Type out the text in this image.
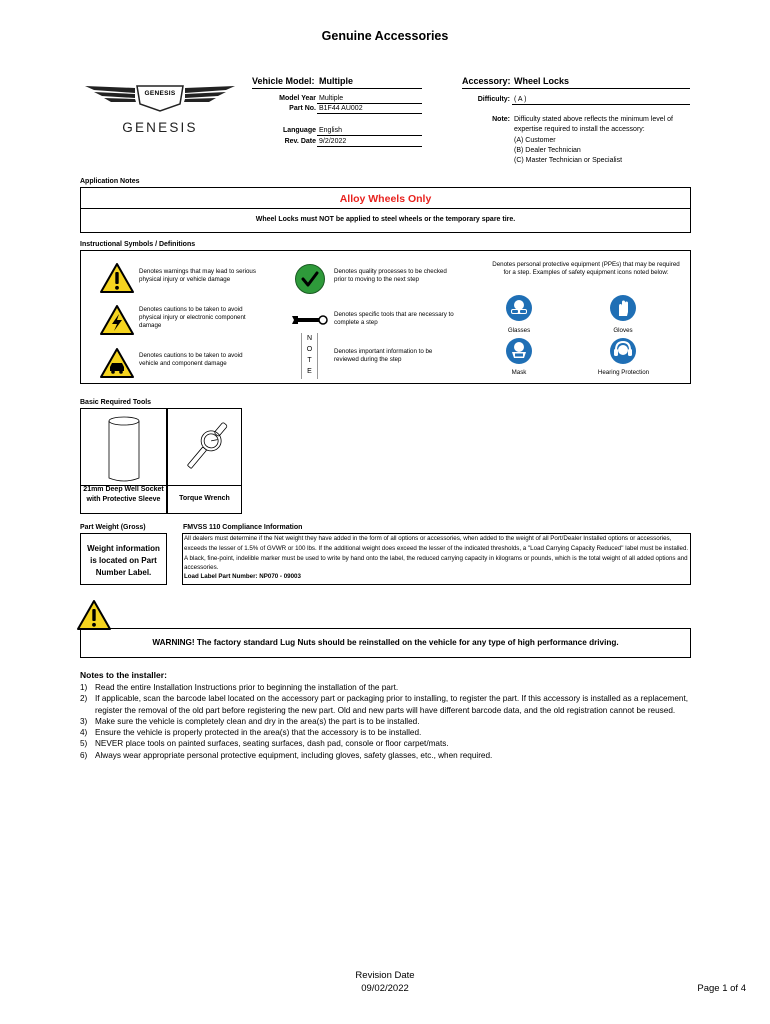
Genuine Accessories
GENESIS
GENESIS
Vehicle Model: Multiple	Accessory: Wheel Locks
Model Year Multiple
Part No. B1F44 AU002
Language English
Rev. Date 9/2/2022
Difficulty: ( A )
Note: Difficulty stated above reflects the minimum level of
expertise required to install the accessory:
(A) Customer
(B) Dealer Technician
(C) Master Technician or Specialist
Application Notes
Alloy Wheels Only
Wheel Locks must NOT be applied to steel wheels or the temporary spare tire.
Instructional Symbols / Definitions
Denotes warnings that may lead to serious physical injury or vehicle damage
Denotes cautions to be taken to avoid physical injury or electronic component damage
Denotes cautions to be taken to avoid vehicle and component damage
Denotes quality processes to be checked prior to moving to the next step
Denotes specific tools that are necessary to complete a step
N
O
T
E
Denotes important information to be reviewed during the step
Denotes personal protective equipment (PPEs) that may be required for a step. Examples of safety equipment icons noted below:
Glasses	Gloves
Mask	Hearing Protection
Basic Required Tools
21mm Deep Well Socket with Protective Sleeve	Torque Wrench
Part Weight (Gross)
Weight information is located on Part Number Label.
FMVSS 110 Compliance Information
All dealers must determine if the Net weight they have added in the form of all options or accessories, when added to the weight of all Port/Dealer Installed options or accessories, exceeds the lesser of 1.5% of GVWR or 100 lbs. If the additional weight does exceed the lesser of the indicated thresholds, a "Load Carrying Capacity Reduced" label must be installed. A black, fine-point, indelible marker must be used to write by hand onto the label, the reduced carrying capacity in kilograms or pounds, which is the total weight of all added options and accessories.
Load Label Part Number: NP070 - 09003
WARNING! The factory standard Lug Nuts should be reinstalled on the vehicle for any type of high performance driving.
Notes to the installer:
1) Read the entire Installation Instructions prior to beginning the installation of the part.
2) If applicable, scan the barcode label located on the accessory part or packaging prior to installing, to register the part. If this accessory is installed as a replacement, register the removal of the old part before registering the new part. Old and new parts will have different barcode data, and the old registration cannot be reused.
3) Make sure the vehicle is completely clean and dry in the area(s) the part is to be installed.
4) Ensure the vehicle is properly protected in the area(s) that the accessory is to be installed.
5) NEVER place tools on painted surfaces, seating surfaces, dash pad, console or floor carpet/mats.
6) Always wear appropriate personal protective equipment, including gloves, safety glasses, etc., when required.
Revision Date
09/02/2022	Page 1 of 4
